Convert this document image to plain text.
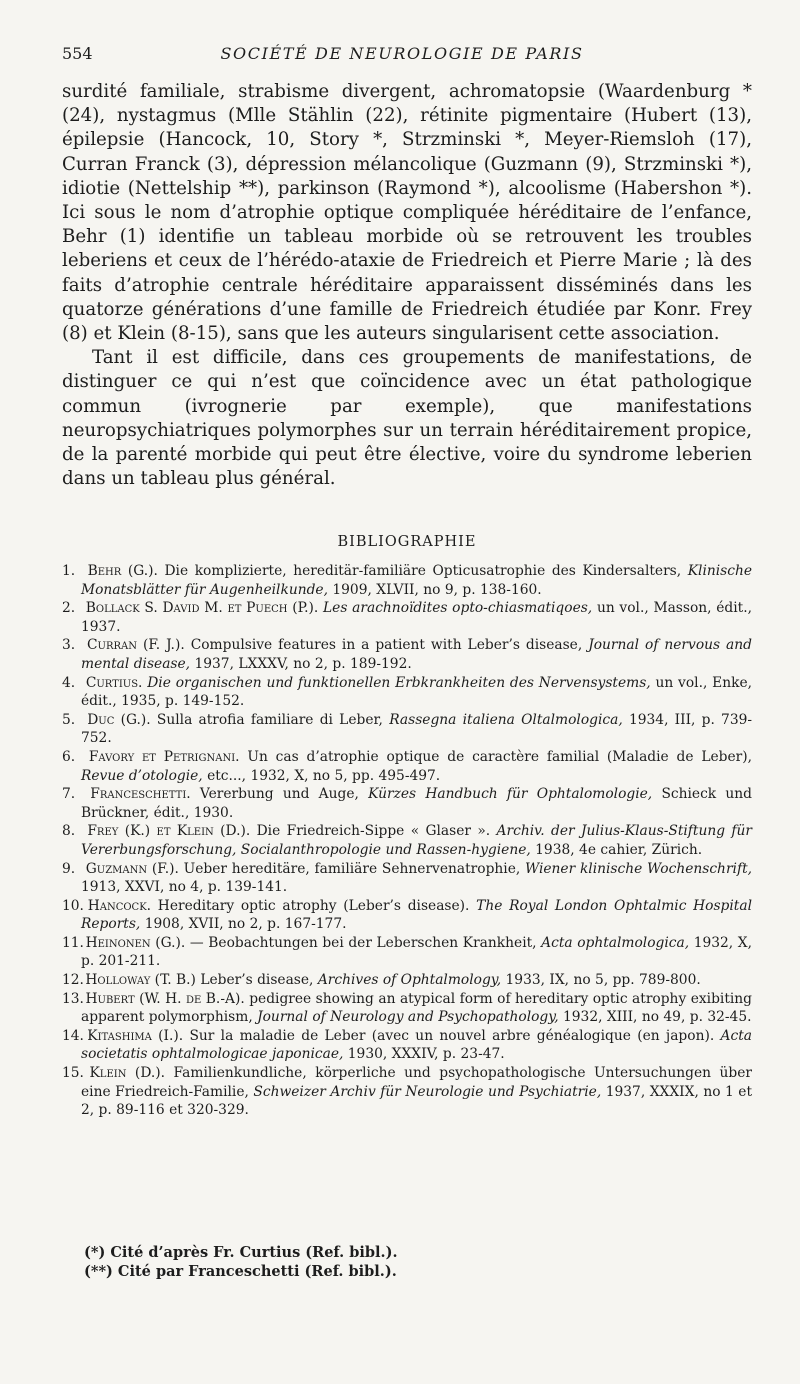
554	SOCIÉTÉ DE NEUROLOGIE DE PARIS

surdité familiale, strabisme divergent, achromatopsie (Waardenburg * (24), nystagmus (Mlle Stählin (22), rétinite pigmentaire (Hubert (13), épilepsie (Hancock, 10, Story *, Strzminski *, Meyer-Riemsloh (17), Curran Franck (3), dépression mélancolique (Guzmann (9), Strzminski *), idiotie (Nettelship **), parkinson (Raymond *), alcoolisme (Habershon *). Ici sous le nom d’atrophie optique compliquée héréditaire de l’enfance, Behr (1) identifie un tableau morbide où se retrouvent les troubles leberiens et ceux de l’hérédo-ataxie de Friedreich et Pierre Marie ; là des faits d’atrophie centrale héréditaire apparaissent disséminés dans les quatorze générations d’une famille de Friedreich étudiée par Konr. Frey (8) et Klein (8-15), sans que les auteurs singularisent cette association.

Tant il est difficile, dans ces groupements de manifestations, de distinguer ce qui n’est que coïncidence avec un état pathologique commun (ivrognerie par exemple), que manifestations neuropsychiatriques polymorphes sur un terrain héréditairement propice, de la parenté morbide qui peut être élective, voire du syndrome leberien dans un tableau plus général.

BIBLIOGRAPHIE

1. Behr (G.). Die komplizierte, hereditär-familiäre Opticusatrophie des Kindersalters, Klinische Monatsblätter für Augenheilkunde, 1909, XLVII, no 9, p. 138-160.

2. Bollack S. David M. et Puech (P.). Les arachnoïdites opto-chiasmatiqoes, un vol., Masson, édit., 1937.

3. Curran (F. J.). Compulsive features in a patient with Leber’s disease, Journal of nervous and mental disease, 1937, LXXXV, no 2, p. 189-192.

4. Curtius. Die organischen und funktionellen Erbkrankheiten des Nervensystems, un vol., Enke, édit., 1935, p. 149-152.

5. Duc (G.). Sulla atrofia familiare di Leber, Rassegna italiena Oltalmologica, 1934, III, p. 739-752.

6. Favory et Petrignani. Un cas d’atrophie optique de caractère familial (Maladie de Leber), Revue d’otologie, etc..., 1932, X, no 5, pp. 495-497.

7. Franceschetti. Vererbung und Auge, Kürzes Handbuch für Ophtalomologie, Schieck und Brückner, édit., 1930.

8. Frey (K.) et Klein (D.). Die Friedreich-Sippe « Glaser ». Archiv. der Julius-Klaus-Stiftung für Vererbungsforschung, Socialanthropologie und Rassen-hygiene, 1938, 4e cahier, Zürich.

9. Guzmann (F.). Ueber hereditäre, familiäre Sehnervenatrophie, Wiener klinische Wochenschrift, 1913, XXVI, no 4, p. 139-141.

10. Hancock. Hereditary optic atrophy (Leber’s disease). The Royal London Ophtalmic Hospital Reports, 1908, XVII, no 2, p. 167-177.

11. Heinonen (G.). — Beobachtungen bei der Leberschen Krankheit, Acta ophtalmologica, 1932, X, p. 201-211.

12. Holloway (T. B.) Leber’s disease, Archives of Ophtalmology, 1933, IX, no 5, pp. 789-800.

13. Hubert (W. H. de B.-A). pedigree showing an atypical form of hereditary optic atrophy exibiting apparent polymorphism, Journal of Neurology and Psychopathology, 1932, XIII, no 49, p. 32-45.

14. Kitashima (I.). Sur la maladie de Leber (avec un nouvel arbre généalogique (en japon). Acta societatis ophtalmologicae japonicae, 1930, XXXIV, p. 23-47.

15. Klein (D.). Familienkundliche, körperliche und psychopathologische Untersuchungen über eine Friedreich-Familie, Schweizer Archiv für Neurologie und Psychiatrie, 1937, XXXIX, no 1 et 2, p. 89-116 et 320-329.

(*) Cité d’après Fr. Curtius (Ref. bibl.).
(**) Cité par Franceschetti (Ref. bibl.).
